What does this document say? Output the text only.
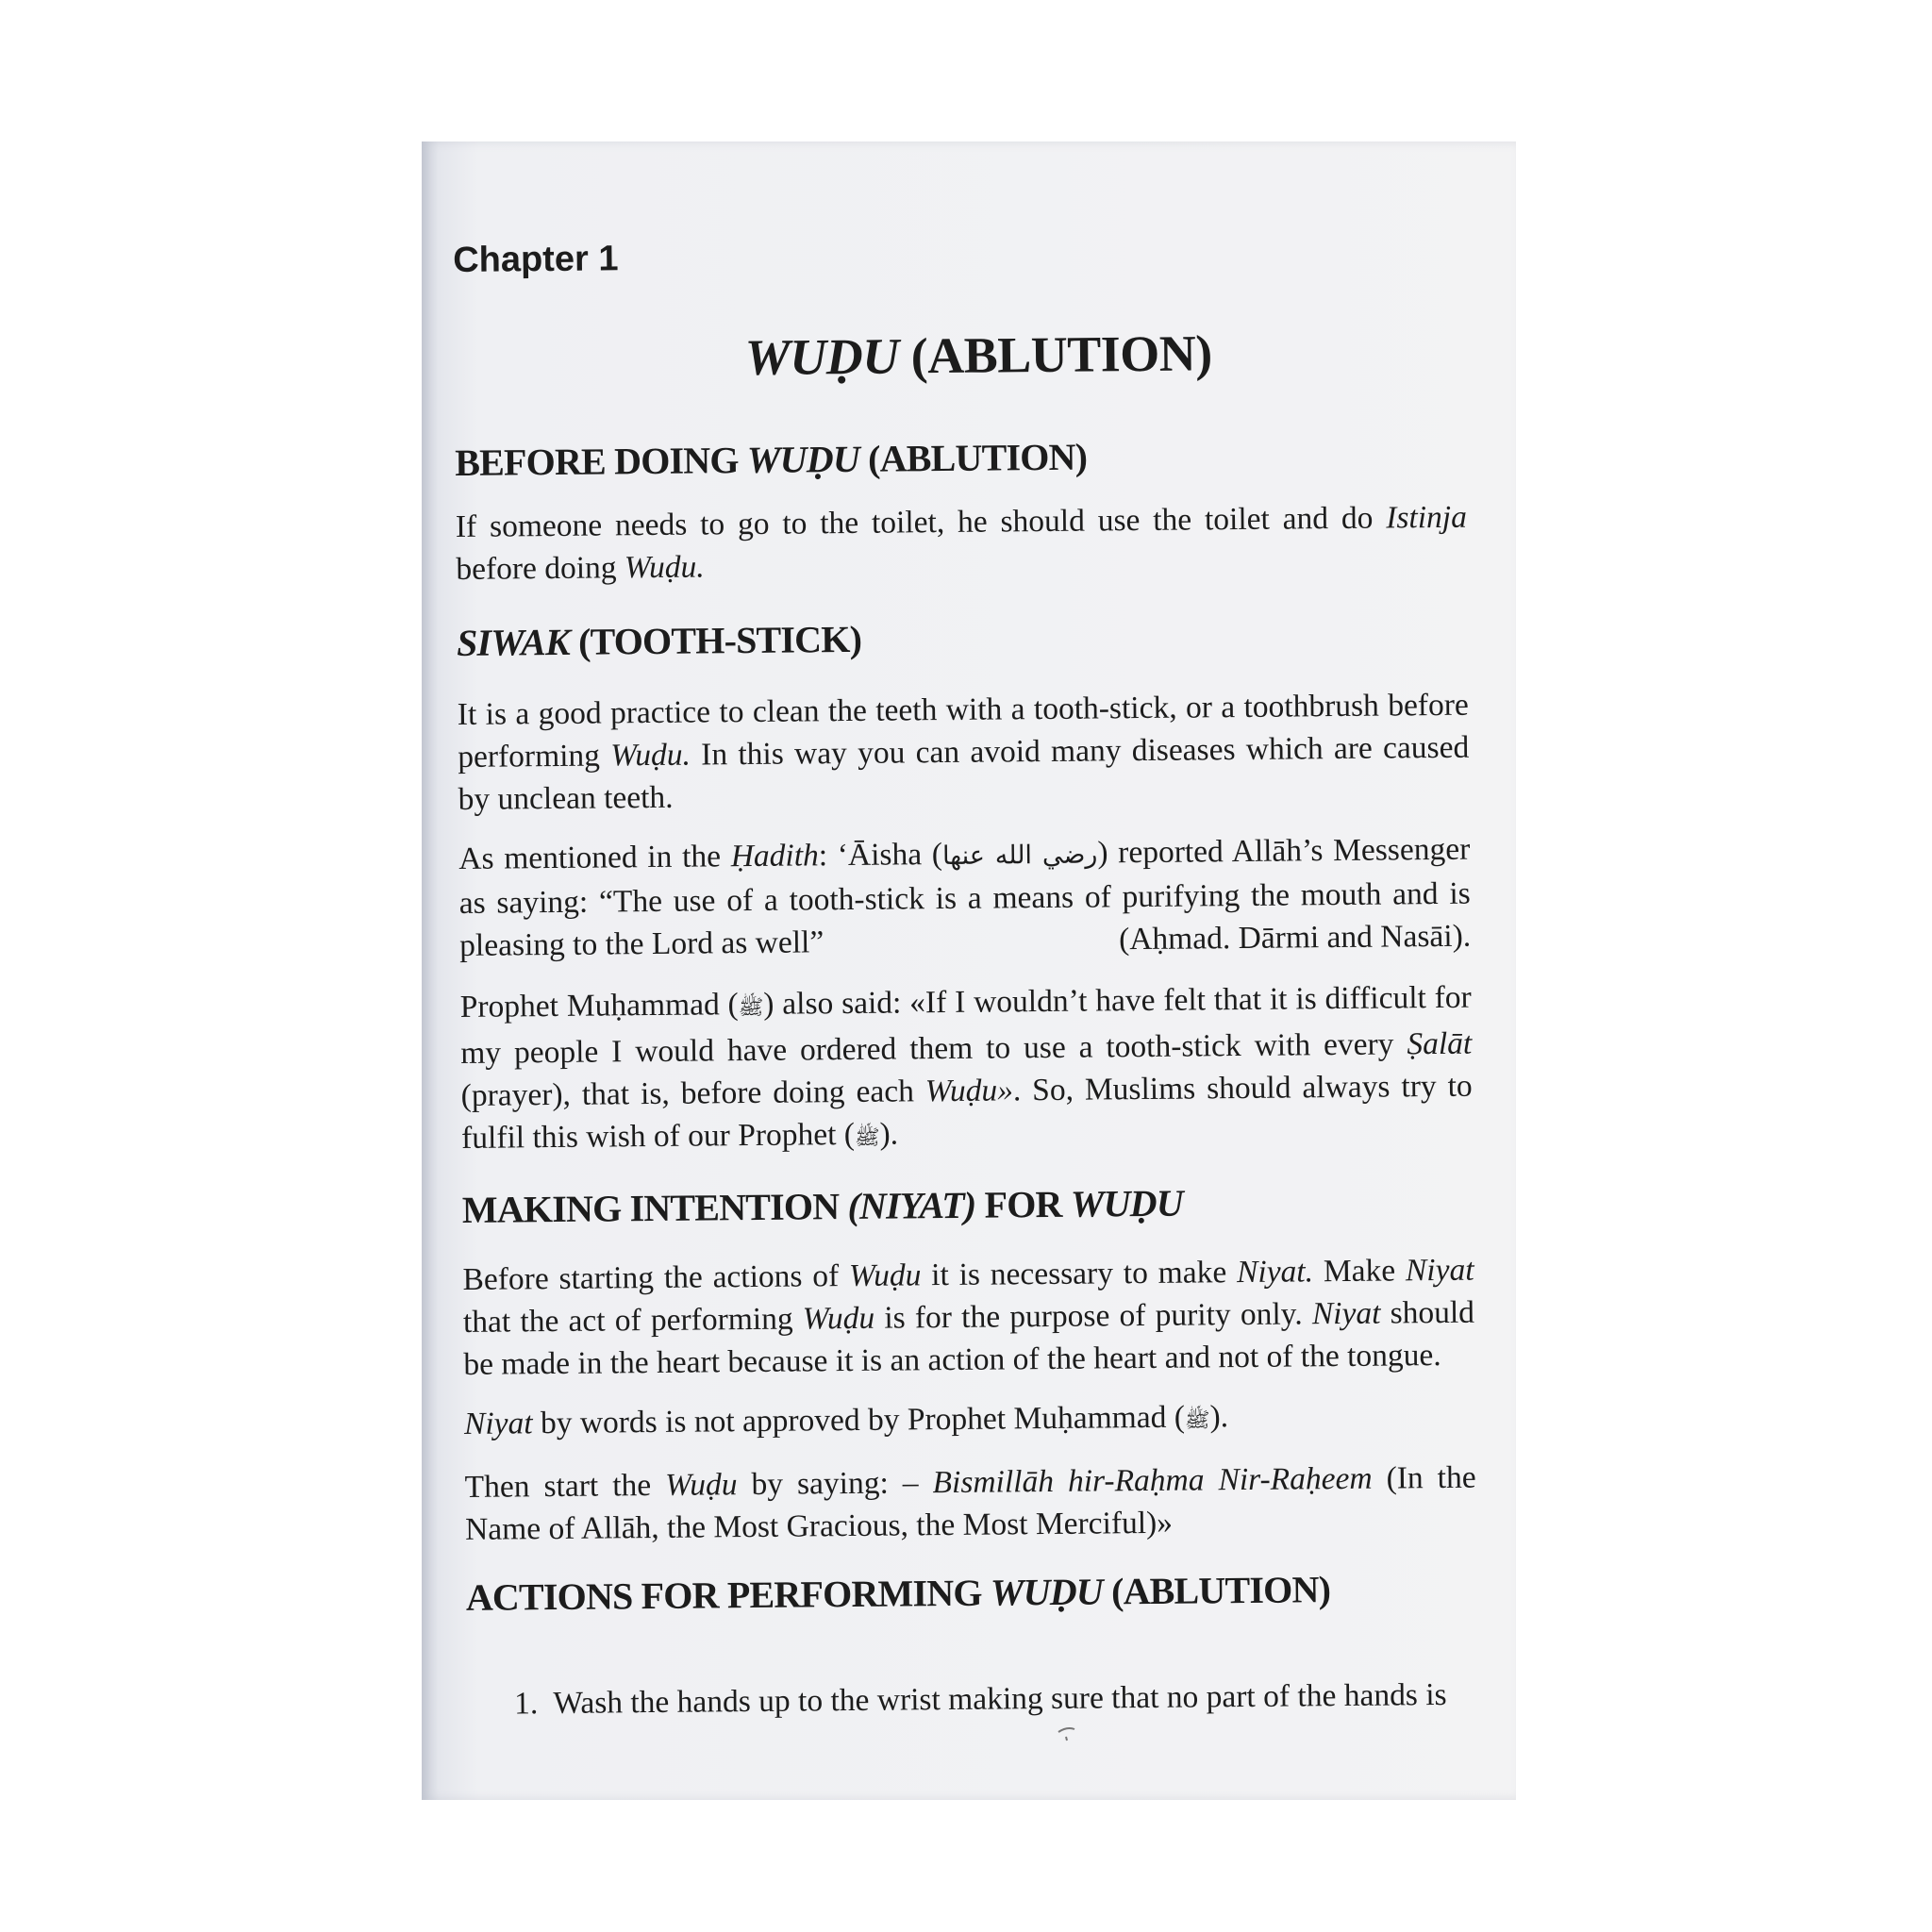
Chapter 1
WUḌU (ABLUTION)
BEFORE DOING WUḌU (ABLUTION)

If someone needs to go to the toilet, he should use the toilet and do Istinja before doing Wuḍu.

SIWAK (TOOTH-STICK)

It is a good practice to clean the teeth with a tooth-stick, or a toothbrush before performing Wuḍu. In this way you can avoid many diseases which are caused by unclean teeth.

As mentioned in the Ḥadith: ‘Āisha (رضي الله عنها) reported Allāh’s Messenger as saying: “The use of a tooth-stick is a means of purifying the mouth and is pleasing to the Lord as well”	(Aḥmad. Dārmi and Nasāi).

Prophet Muḥammad (ﷺ) also said: «If I wouldn’t have felt that it is difficult for my people I would have ordered them to use a tooth-stick with every Ṣalāt (prayer), that is, before doing each Wuḍu». So, Muslims should always try to fulfil this wish of our Prophet (ﷺ).

MAKING INTENTION (NIYAT) FOR WUḌU

Before starting the actions of Wuḍu it is necessary to make Niyat. Make Niyat that the act of performing Wuḍu is for the purpose of purity only. Niyat should be made in the heart because it is an action of the heart and not of the tongue.

Niyat by words is not approved by Prophet Muḥammad (ﷺ).

Then start the Wuḍu by saying: – Bismillāh hir-Raḥma Nir-Raḥeem (In the Name of Allāh, the Most Gracious, the Most Merciful)»

ACTIONS FOR PERFORMING WUḌU (ABLUTION)

1.  Wash the hands up to the wrist making sure that no part of the hands is
